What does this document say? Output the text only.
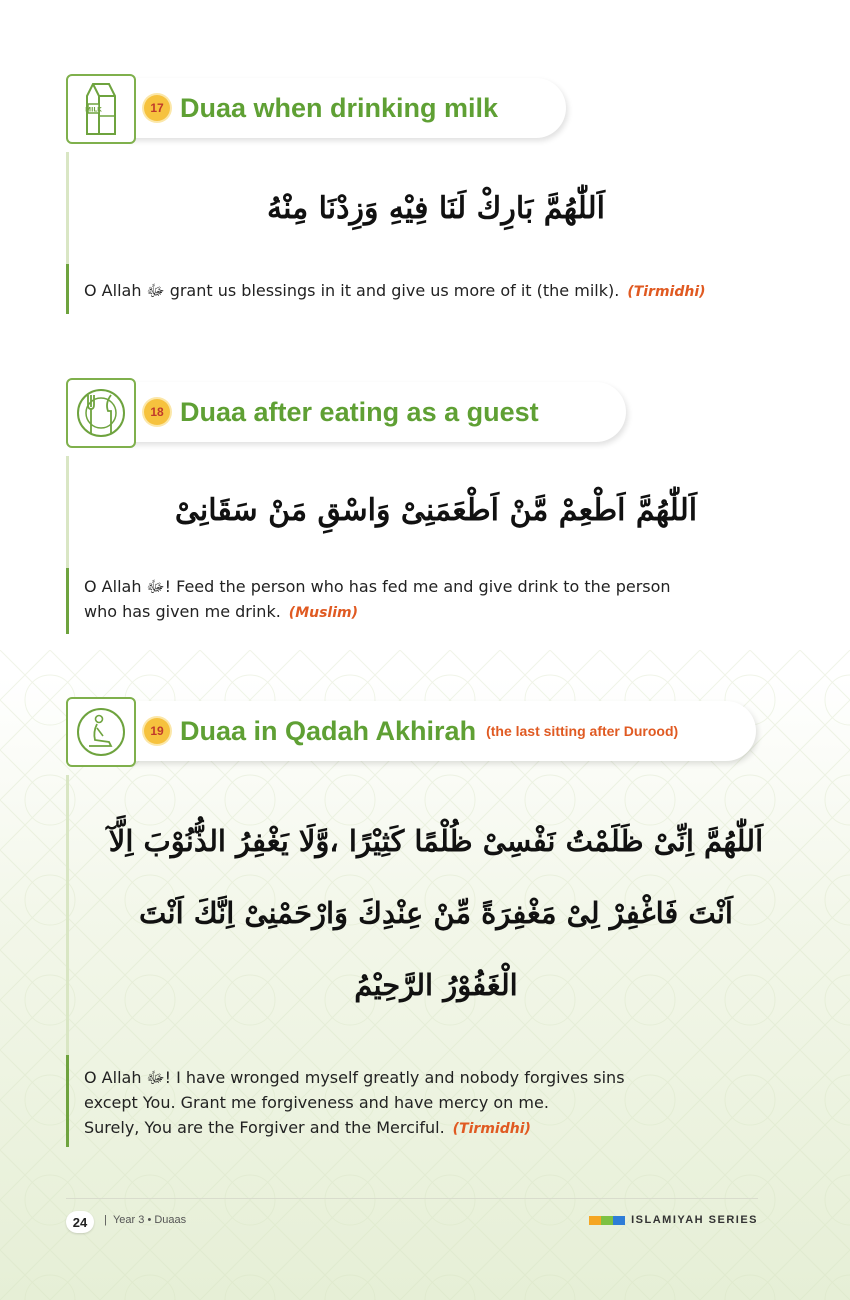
17 Duaa when drinking milk
MILK
اَللّٰهُمَّ بَارِكْ لَنَا فِيْهِ وَزِدْنَا مِنْهُ
O Allah ﷻ grant us blessings in it and give us more of it (the milk). (Tirmidhi)
18 Duaa after eating as a guest
اَللّٰهُمَّ اَطْعِمْ مَّنْ اَطْعَمَنِىْ وَاسْقِ مَنْ سَقَانِىْ
O Allah ﷻ! Feed the person who has fed me and give drink to the person
who has given me drink. (Muslim)
19 Duaa in Qadah Akhirah (the last sitting after Durood)
اَللّٰهُمَّ اِنِّىْ ظَلَمْتُ نَفْسِىْ ظُلْمًا كَثِيْرًا ،وَّلَا يَغْفِرُ الذُّنُوْبَ اِلَّآ
اَنْتَ فَاغْفِرْ لِىْ مَغْفِرَةً مِّنْ عِنْدِكَ وَارْحَمْنِىْ اِنَّكَ اَنْتَ
الْغَفُوْرُ الرَّحِيْمُ
O Allah ﷻ! I have wronged myself greatly and nobody forgives sins
except You. Grant me forgiveness and have mercy on me.
Surely, You are the Forgiver and the Merciful. (Tirmidhi)
24	| Year 3 • Duaas	ISLAMIYAH SERIES
